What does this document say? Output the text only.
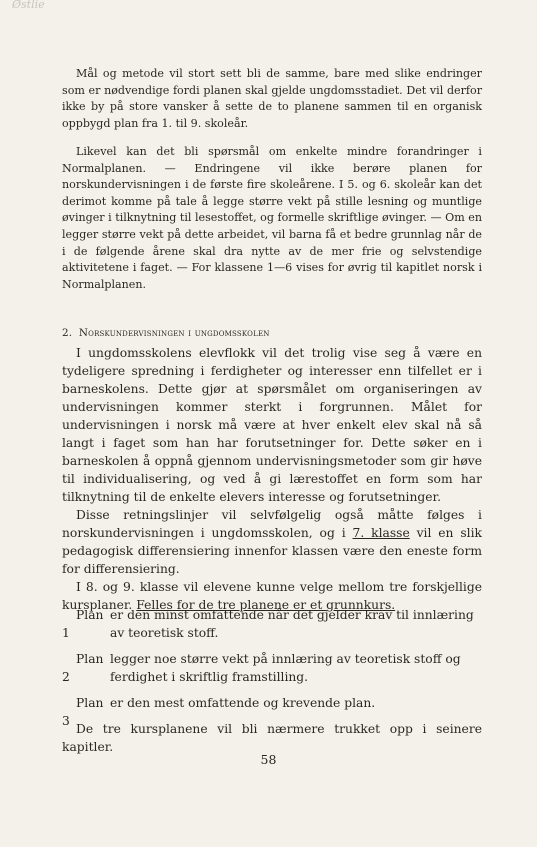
Østlie

Mål og metode vil stort sett bli de samme, bare med slike endringer som er nødvendige fordi planen skal gjelde ungdomsstadiet. Det vil derfor ikke by på store vansker å sette de to planene sammen til en organisk oppbygd plan fra 1. til 9. skoleår.

Likevel kan det bli spørsmål om enkelte mindre forandringer i Normalplanen. — Endringene vil ikke berøre planen for norskundervisningen i de første fire skoleårene. I 5. og 6. skoleår kan det derimot komme på tale å legge større vekt på stille lesning og muntlige øvinger i tilknytning til lesestoffet, og formelle skriftlige øvinger. — Om en legger større vekt på dette arbeidet, vil barna få et bedre grunnlag når de i de følgende årene skal dra nytte av de mer frie og selvstendige aktivitetene i faget. — For klassene 1—6 vises for øvrig til kapitlet norsk i Normalplanen.

2. Norskundervisningen i ungdomsskolen

I ungdomsskolens elevflokk vil det trolig vise seg å være en tydeligere spredning i ferdigheter og interesser enn tilfellet er i barneskolens. Dette gjør at spørsmålet om organiseringen av undervisningen kommer sterkt i forgrunnen. Målet for undervisningen i norsk må være at hver enkelt elev skal nå så langt i faget som han har forutsetninger for. Dette søker en i barneskolen å oppnå gjennom undervisningsmetoder som gir høve til individualisering, og ved å gi lærestoffet en form som har tilknytning til de enkelte elevers interesse og forutsetninger.

Disse retningslinjer vil selvfølgelig også måtte følges i norskundervisningen i ungdomsskolen, og i 7. klasse vil en slik pedagogisk differensiering innenfor klassen være den eneste form for differensiering.

I 8. og 9. klasse vil elevene kunne velge mellom tre forskjellige kursplaner. Felles for de tre planene er et grunnkurs.

Plan 1
er den minst omfattende når det gjelder krav til innlæring av teoretisk stoff.
Plan 2
legger noe større vekt på innlæring av teoretisk stoff og ferdighet i skriftlig framstilling.
Plan 3
er den mest omfattende og krevende plan.

De tre kursplanene vil bli nærmere trukket opp i seinere kapitler.

58
